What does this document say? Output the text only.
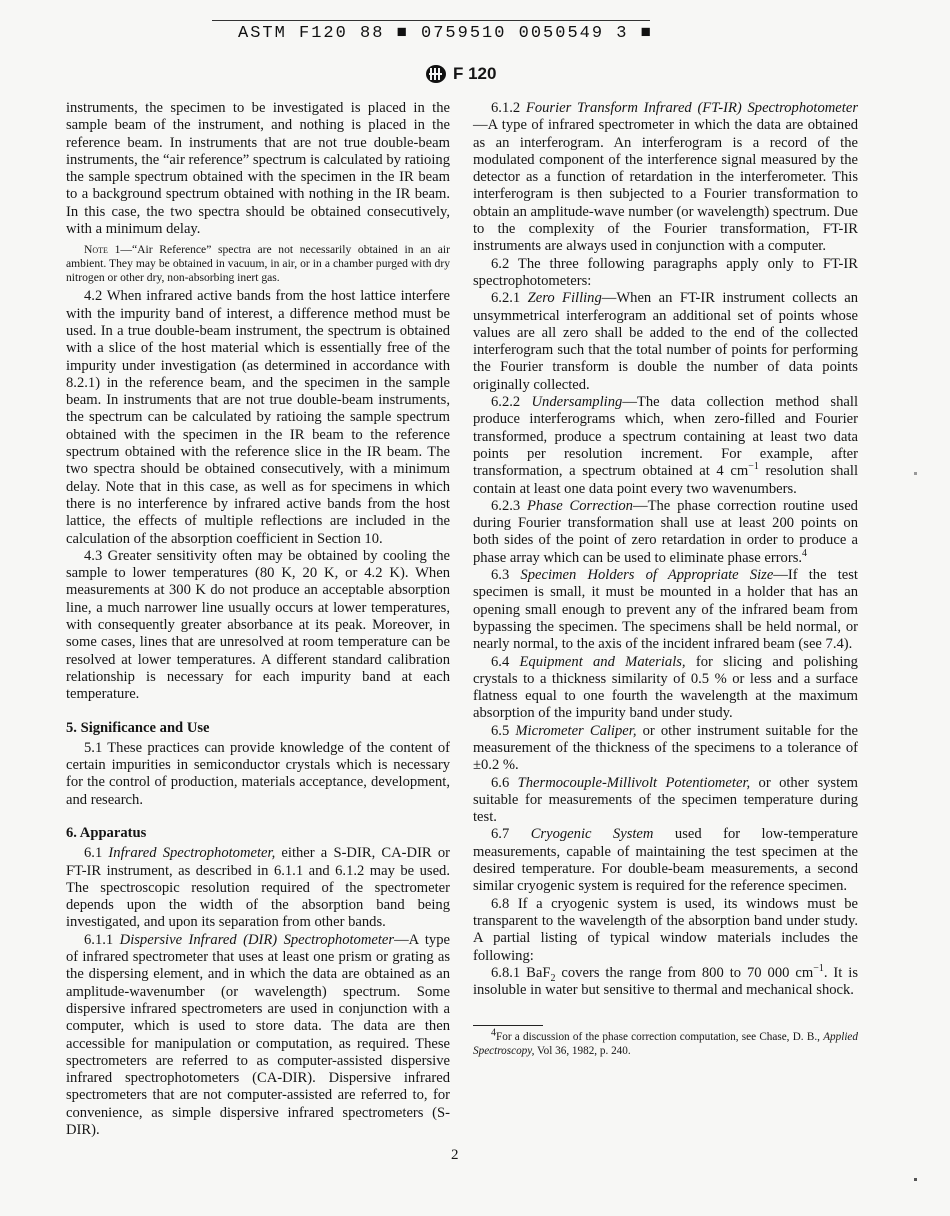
ASTM F120 88 ■ 0759510 0050549 3 ■
F 120

instruments, the specimen to be investigated is placed in the sample beam of the instrument, and nothing is placed in the reference beam. In instruments that are not true double-beam instruments, the “air reference” spectrum is calculated by ratioing the sample spectrum obtained with the specimen in the IR beam to a background spectrum obtained with nothing in the IR beam. In this case, the two spectra should be obtained consecutively, with a minimum delay.

Note 1—“Air Reference” spectra are not necessarily obtained in an air ambient. They may be obtained in vacuum, in air, or in a chamber purged with dry nitrogen or other dry, non-absorbing inert gas.

4.2 When infrared active bands from the host lattice interfere with the impurity band of interest, a difference method must be used. In a true double-beam instrument, the spectrum is obtained with a slice of the host material which is essentially free of the impurity under investigation (as determined in accordance with 8.2.1) in the reference beam, and the specimen in the sample beam. In instruments that are not true double-beam instruments, the spectrum can be calculated by ratioing the sample spectrum obtained with the specimen in the IR beam to the reference spectrum obtained with the reference slice in the IR beam. The two spectra should be obtained consecutively, with a minimum delay. Note that in this case, as well as for specimens in which there is no interference by infrared active bands from the host lattice, the effects of multiple reflections are included in the calculation of the absorption coefficient in Section 10.

4.3 Greater sensitivity often may be obtained by cooling the sample to lower temperatures (80 K, 20 K, or 4.2 K). When measurements at 300 K do not produce an acceptable absorption line, a much narrower line usually occurs at lower temperatures, with consequently greater absorbance at its peak. Moreover, in some cases, lines that are unresolved at room temperature can be resolved at lower temperatures. A different standard calibration relationship is necessary for each impurity band at each temperature.

5. Significance and Use

5.1 These practices can provide knowledge of the content of certain impurities in semiconductor crystals which is necessary for the control of production, materials acceptance, development, and research.

6. Apparatus

6.1 Infrared Spectrophotometer, either a S-DIR, CA-DIR or FT-IR instrument, as described in 6.1.1 and 6.1.2 may be used. The spectroscopic resolution required of the spectrometer depends upon the width of the absorption band being investigated, and upon its separation from other bands.

6.1.1 Dispersive Infrared (DIR) Spectrophotometer—A type of infrared spectrometer that uses at least one prism or grating as the dispersing element, and in which the data are obtained as an amplitude-wavenumber (or wavelength) spectrum. Some dispersive infrared spectrometers are used in conjunction with a computer, which is used to store data. The data are then accessible for manipulation or computation, as required. These spectrometers are referred to as computer-assisted dispersive infrared spectrophotometers (CA-DIR). Dispersive infrared spectrometers that are not computer-assisted are referred to, for convenience, as simple dispersive infrared spectrometers (S-DIR).

6.1.2 Fourier Transform Infrared (FT-IR) Spectrophotometer—A type of infrared spectrometer in which the data are obtained as an interferogram. An interferogram is a record of the modulated component of the interference signal measured by the detector as a function of retardation in the interferometer. This interferogram is then subjected to a Fourier transformation to obtain an amplitude-wave number (or wavelength) spectrum. Due to the complexity of the Fourier transformation, FT-IR instruments are always used in conjunction with a computer.

6.2 The three following paragraphs apply only to FT-IR spectrophotometers:

6.2.1 Zero Filling—When an FT-IR instrument collects an unsymmetrical interferogram an additional set of points whose values are all zero shall be added to the end of the collected interferogram such that the total number of points for performing the Fourier transform is double the number of data points originally collected.

6.2.2 Undersampling—The data collection method shall produce interferograms which, when zero-filled and Fourier transformed, produce a spectrum containing at least two data points per resolution increment. For example, after transformation, a spectrum obtained at 4 $cm^{-1}$ resolution shall contain at least one data point every two wavenumbers.

6.2.3 Phase Correction—The phase correction routine used during Fourier transformation shall use at least 200 points on both sides of the point of zero retardation in order to produce a phase array which can be used to eliminate phase errors.$^4$

6.3 Specimen Holders of Appropriate Size—If the test specimen is small, it must be mounted in a holder that has an opening small enough to prevent any of the infrared beam from bypassing the specimen. The specimens shall be held normal, or nearly normal, to the axis of the incident infrared beam (see 7.4).

6.4 Equipment and Materials, for slicing and polishing crystals to a thickness similarity of 0.5 % or less and a surface flatness equal to one fourth the wavelength at the maximum absorption of the impurity band under study.

6.5 Micrometer Caliper, or other instrument suitable for the measurement of the thickness of the specimens to a tolerance of ±0.2 %.

6.6 Thermocouple-Millivolt Potentiometer, or other system suitable for measurements of the specimen temperature during test.

6.7 Cryogenic System used for low-temperature measurements, capable of maintaining the test specimen at the desired temperature. For double-beam measurements, a second similar cryogenic system is required for the reference specimen.

6.8 If a cryogenic system is used, its windows must be transparent to the wavelength of the absorption band under study. A partial listing of typical window materials includes the following:

6.8.1 BaF$_2$ covers the range from 800 to 70 000 $cm^{-1}$. It is insoluble in water but sensitive to thermal and mechanical shock.

$^4$For a discussion of the phase correction computation, see Chase, D. B., Applied Spectroscopy, Vol 36, 1982, p. 240.

2
